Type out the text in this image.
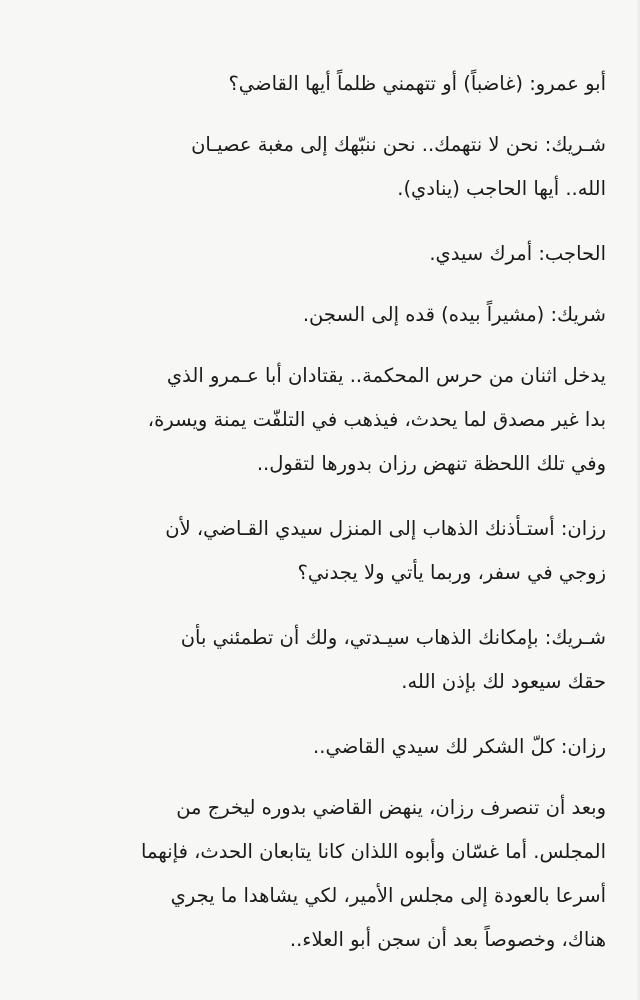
أبو عمرو: (غاضباً) أو تتهمني ظلماً أيها القاضي؟

شـريك: نحن لا نتهمك.. نحن ننبّهك إلى مغبة عصيـان
الله.. أيها الحاجب (ينادي).

الحاجب: أمرك سيدي.

شريك: (مشيراً بيده) قده إلى السجن.

يدخل اثنان من حرس المحكمة.. يقتادان أبا عـمرو الذي
بدا غير مصدق لما يحدث، فيذهب في التلفّت يمنة ويسرة،
وفي تلك اللحظة تنهض رزان بدورها لتقول..

رزان: أستـأذنك الذهاب إلى المنزل سيدي القـاضي، لأن
زوجي في سفر، وربما يأتي ولا يجدني؟

شـريك: بإمكانك الذهاب سيـدتي، ولك أن تطمئني بأن
حقك سيعود لك بإذن الله.

رزان: كلّ الشكر لك سيدي القاضي..

وبعد أن تنصرف رزان، ينهض القاضي بدوره ليخرج من
المجلس. أما غسّان وأبوه اللذان كانا يتابعان الحدث، فإنهما
أسرعا بالعودة إلى مجلس الأمير، لكي يشاهدا ما يجري
هناك، وخصوصاً بعد أن سجن أبو العلاء..
